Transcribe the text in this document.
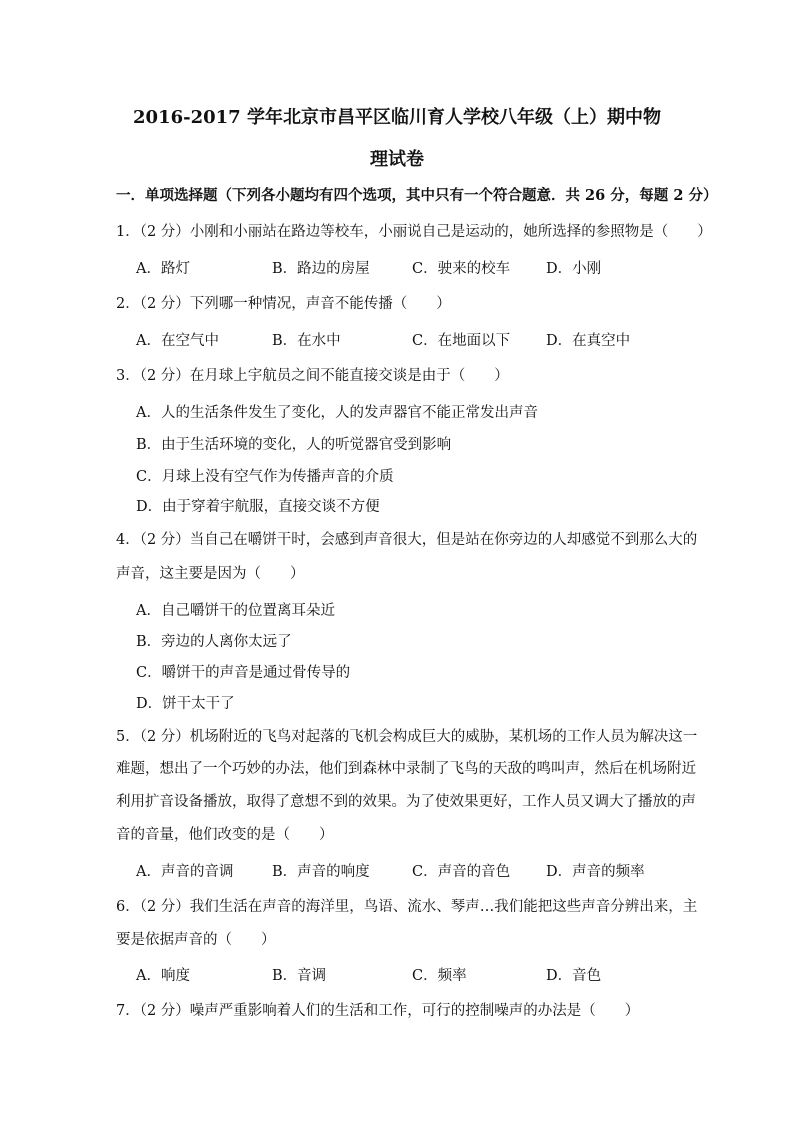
2016-2017 学年北京市昌平区临川育人学校八年级（上）期中物
理试卷
一．单项选择题（下列各小题均有四个选项，其中只有一个符合题意．共 26 分，每题 2 分）
1．（2 分）小刚和小丽站在路边等校车，小丽说自己是运动的，她所选择的参照物是（　　）
A．路灯	B．路边的房屋	C．驶来的校车 D．小刚
2．（2 分）下列哪一种情况，声音不能传播（　　）
A．在空气中	B．在水中	C．在地面以下 D．在真空中
3．（2 分）在月球上宇航员之间不能直接交谈是由于（　　）
A．人的生活条件发生了变化，人的发声器官不能正常发出声音
B．由于生活环境的变化，人的听觉器官受到影响
C．月球上没有空气作为传播声音的介质
D．由于穿着宇航服，直接交谈不方便
4．（2 分）当自己在嚼饼干时，会感到声音很大，但是站在你旁边的人却感觉不到那么大的
声音，这主要是因为（　　）
A．自己嚼饼干的位置离耳朵近
B．旁边的人离你太远了
C．嚼饼干的声音是通过骨传导的
D．饼干太干了
5．（2 分）机场附近的飞鸟对起落的飞机会构成巨大的威胁，某机场的工作人员为解决这一
难题，想出了一个巧妙的办法，他们到森林中录制了飞鸟的天敌的鸣叫声，然后在机场附近
利用扩音设备播放，取得了意想不到的效果。为了使效果更好，工作人员又调大了播放的声
音的音量，他们改变的是（　　）
A．声音的音调	B．声音的响度	C．声音的音色 D．声音的频率
6．（2 分）我们生活在声音的海洋里，鸟语、流水、琴声…我们能把这些声音分辨出来，主
要是依据声音的（　　）
A．响度	B．音调	C．频率	D．音色
7．（2 分）噪声严重影响着人们的生活和工作，可行的控制噪声的办法是（　　）
